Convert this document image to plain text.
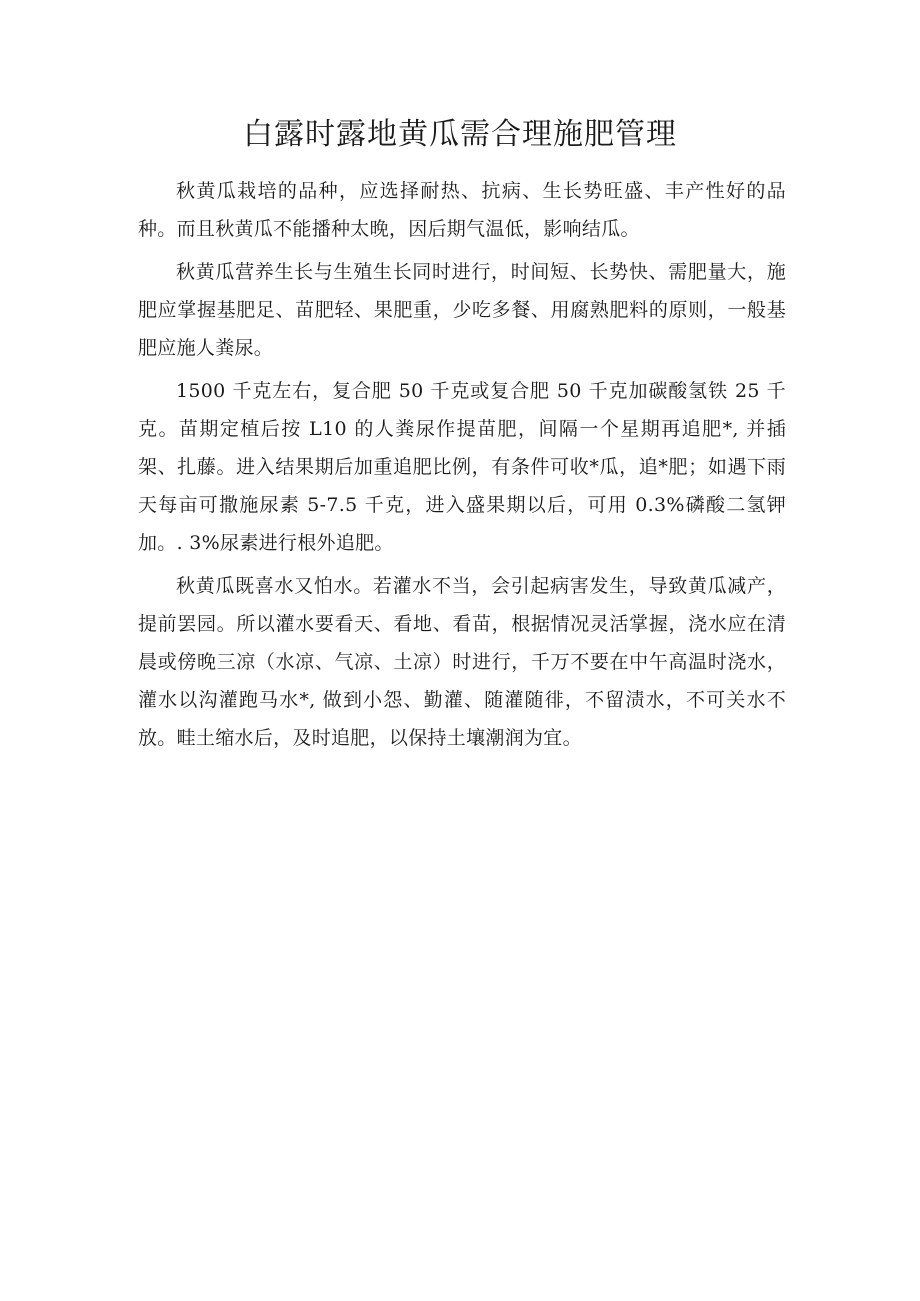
白露时露地黄瓜需合理施肥管理

秋黄瓜栽培的品种，应选择耐热、抗病、生长势旺盛、丰产性好的品种。而且秋黄瓜不能播种太晚，因后期气温低，影响结瓜。

秋黄瓜营养生长与生殖生长同时进行，时间短、长势快、需肥量大，施肥应掌握基肥足、苗肥轻、果肥重，少吃多餐、用腐熟肥料的原则，一般基肥应施人粪尿。

1500 千克左右，复合肥 50 千克或复合肥 50 千克加碳酸氢铁 25 千克。苗期定植后按 L10 的人粪尿作提苗肥，间隔一个星期再追肥*, 并插架、扎藤。进入结果期后加重追肥比例，有条件可收*瓜，追*肥；如遇下雨天每亩可撒施尿素 5-7.5 千克，进入盛果期以后，可用 0.3%磷酸二氢钾加。. 3%尿素进行根外追肥。

秋黄瓜既喜水又怕水。若灌水不当，会引起病害发生，导致黄瓜减产，提前罢园。所以灌水要看天、看地、看苗，根据情况灵活掌握，浇水应在清晨或傍晚三凉（水凉、气凉、土凉）时进行，千万不要在中午高温时浇水，灌水以沟灌跑马水*, 做到小怨、勤灌、随灌随徘，不留渍水，不可关水不放。畦土缩水后，及时追肥，以保持土壤潮润为宜。
